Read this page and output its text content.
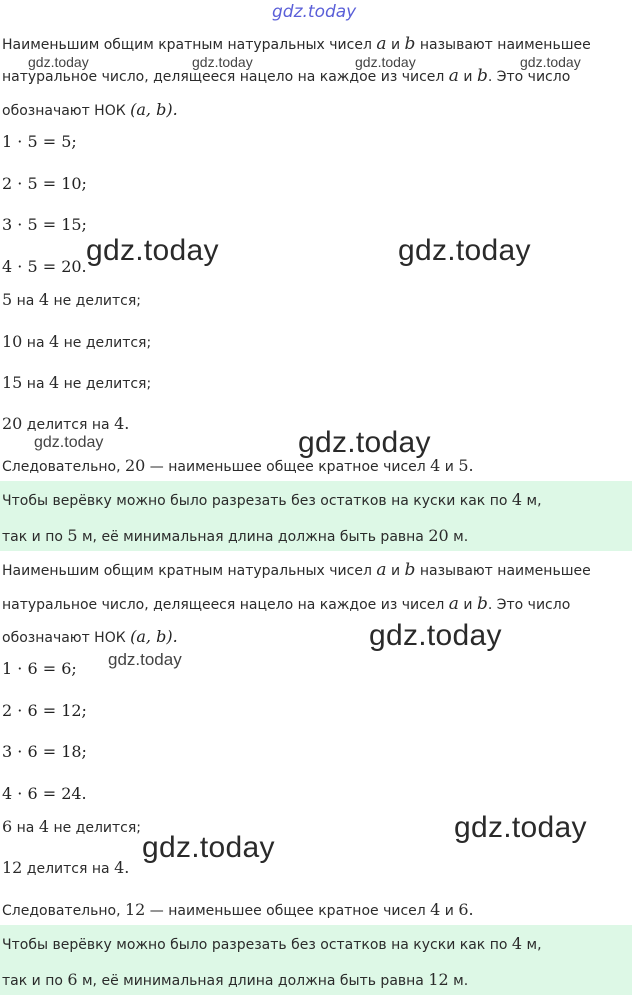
gdz.today
Наименьшим общим кратным натуральных чисел a и b называют наименьшее
натуральное число, делящееся нацело на каждое из чисел a и b. Это число
обозначают НОК (a, b).
1 · 5 = 5;
2 · 5 = 10;
3 · 5 = 15;
4 · 5 = 20.
5 на 4 не делится;
10 на 4 не делится;
15 на 4 не делится;
20 делится на 4.
Следовательно, 20 — наименьшее общее кратное чисел 4 и 5.
Чтобы верёвку можно было разрезать без остатков на куски как по 4 м,
так и по 5 м, её минимальная длина должна быть равна 20 м.
Наименьшим общим кратным натуральных чисел a и b называют наименьшее
натуральное число, делящееся нацело на каждое из чисел a и b. Это число
обозначают НОК (a, b).
1 · 6 = 6;
2 · 6 = 12;
3 · 6 = 18;
4 · 6 = 24.
6 на 4 не делится;
12 делится на 4.
Следовательно, 12 — наименьшее общее кратное чисел 4 и 6.
Чтобы верёвку можно было разрезать без остатков на куски как по 4 м,
так и по 6 м, её минимальная длина должна быть равна 12 м.
gdz.today	gdz.today	gdz.today	gdz.today
gdz.today	gdz.today
gdz.today	gdz.today
gdz.today
gdz.today
gdz.today
gdz.today
